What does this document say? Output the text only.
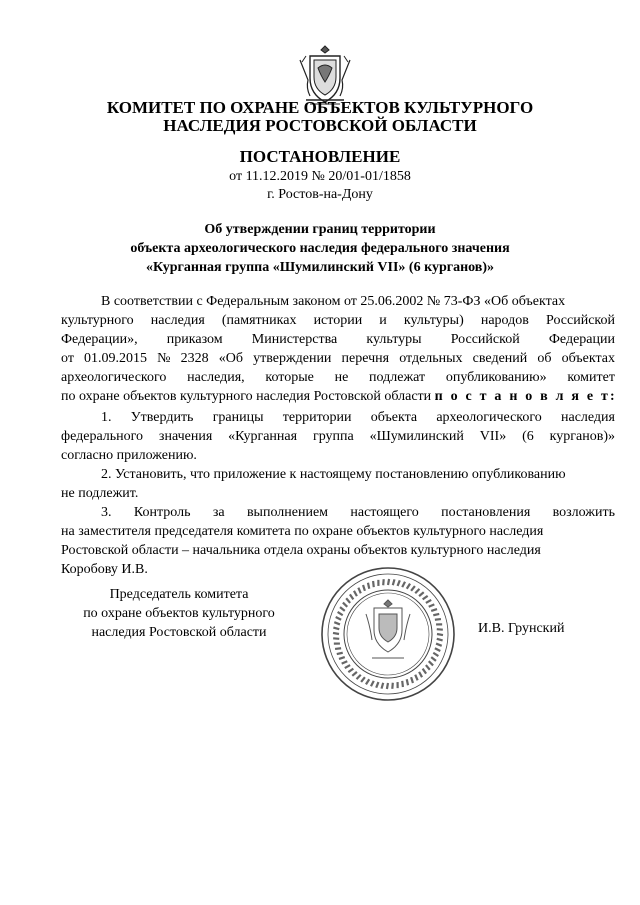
КОМИТЕТ ПО ОХРАНЕ ОБЪЕКТОВ КУЛЬТУРНОГО
НАСЛЕДИЯ РОСТОВСКОЙ ОБЛАСТИ
ПОСТАНОВЛЕНИЕ
от 11.12.2019 № 20/01-01/1858
г. Ростов-на-Дону
Об утверждении границ территории
объекта археологического наследия федерального значения
«Курганная группа «Шумилинский VII» (6 курганов)»
В соответствии с Федеральным законом от 25.06.2002 № 73-ФЗ «Об объектах
культурного наследия (памятниках истории и культуры) народов Российской
Федерации», приказом Министерства культуры Российской Федерации
от 01.09.2015 № 2328 «Об утверждении перечня отдельных сведений об объектах
археологического наследия, которые не подлежат опубликованию» комитет
по охране объектов культурного наследия Ростовской области п о с т а н о в л я е т:
1. Утвердить границы территории объекта археологического наследия
федерального значения «Курганная группа «Шумилинский VII» (6 курганов)»
согласно приложению.
2. Установить, что приложение к настоящему постановлению опубликованию
не подлежит.
3. Контроль за выполнением настоящего постановления возложить
на заместителя председателя комитета по охране объектов культурного наследия
Ростовской области – начальника отдела охраны объектов культурного наследия
Коробову И.В.
Председатель комитета
по охране объектов культурного
наследия Ростовской области	И.В. Грунский
